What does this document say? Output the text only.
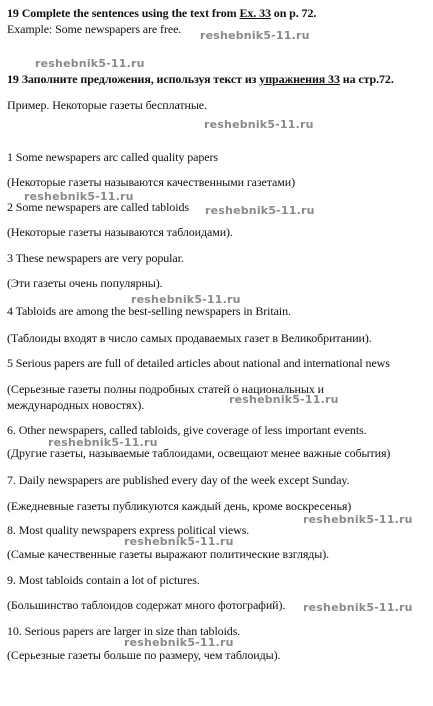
19 Complete the sentences using the text from Ex. 33 on p. 72.
Example: Some newspapers are free. reshebnik5-11.ru
reshebnik5-11.ru
19 Заполните предложения, используя текст из упражнения 33 на стр.72.
Пример. Некоторые газеты бесплатные.
reshebnik5-11.ru
1 Some newspapers arc called quality papers
(Некоторые газеты называются качественными газетами)
reshebnik5-11.ru
2 Some newspapers are called tabloids reshebnik5-11.ru
(Некоторые газеты называются таблоидами).
3 These newspapers are very popular.
(Эти газеты очень популярны).
reshebnik5-11.ru
4 Tabloids are among the best-selling newspapers in Britain.
(Таблоиды входят в число самых продаваемых газет в Великобритании).
5 Serious papers are full of detailed articles about national and international news
(Серьезные газеты полны подробных статей о национальных и
международных новостях).	reshebnik5-11.ru
6. Other newspapers, called tabloids, give coverage of less important events.
reshebnik5-11.ru
(Другие газеты, называемые таблоидами, освещают менее важные события)
7. Daily newspapers are published every day of the week except Sunday.
(Ежедневные газеты публикуются каждый день, кроме воскресенья)
reshebnik5-11.ru
8. Most quality newspapers express political views.
reshebnik5-11.ru
(Самые качественные газеты выражают политические взгляды).
9. Most tabloids contain a lot of pictures.
(Большинство таблоидов содержат много фотографий). reshebnik5-11.ru
10. Serious papers are larger in size than tabloids.
reshebnik5-11.ru
(Серьезные газеты больше по размеру, чем таблоиды).
